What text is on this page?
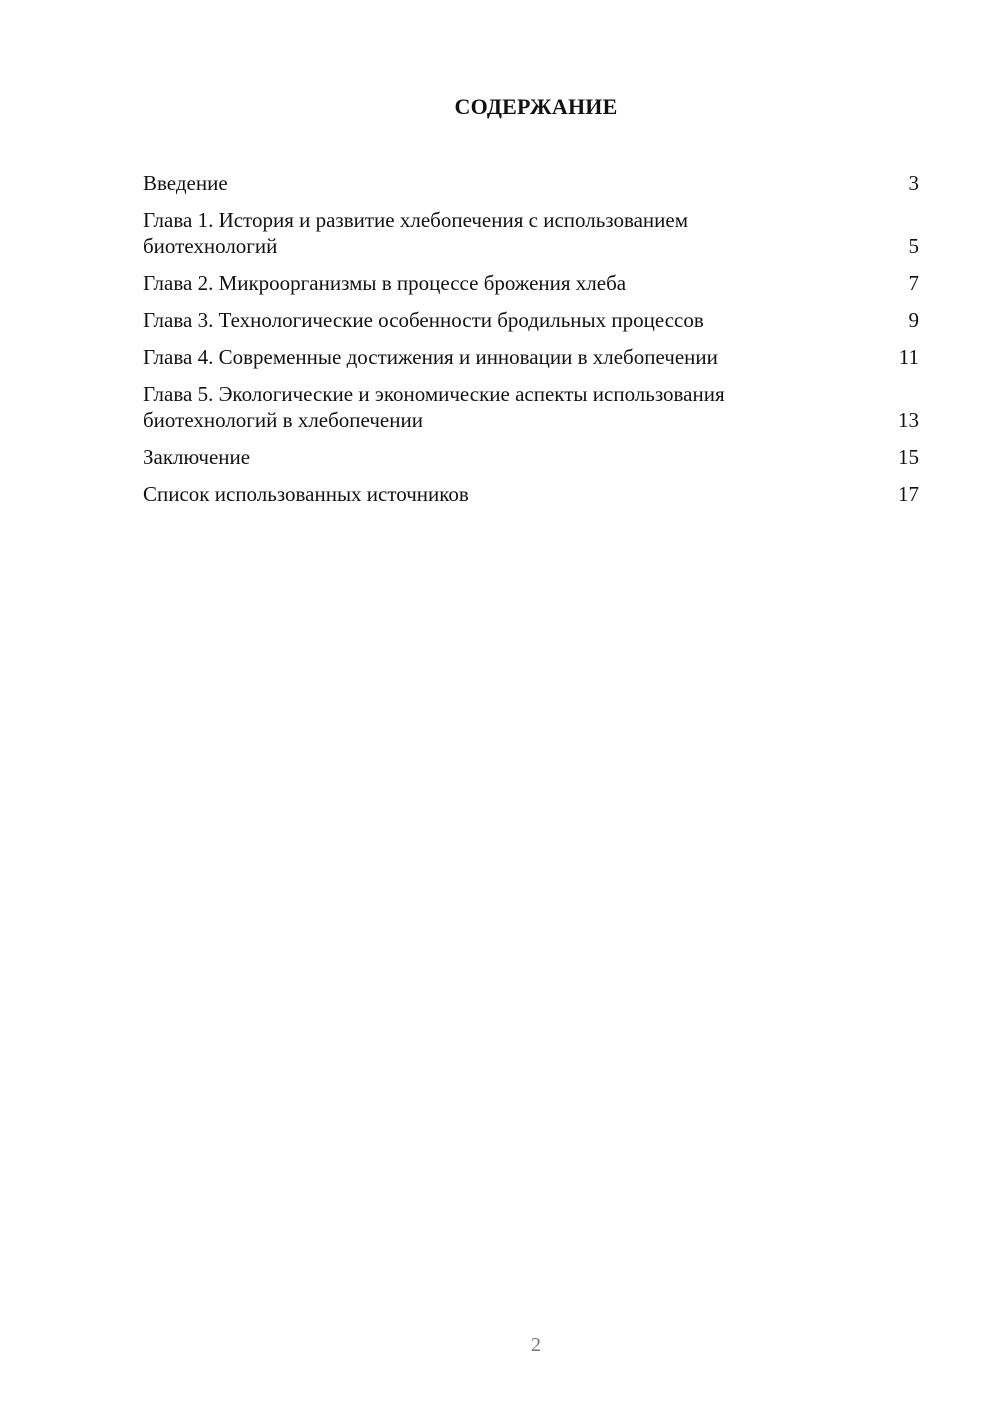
СОДЕРЖАНИЕ
Введение	3
Глава 1. История и развитие хлебопечения с использованием биотехнологий	5
Глава 2. Микроорганизмы в процессе брожения хлеба	7
Глава 3. Технологические особенности бродильных процессов	9
Глава 4. Современные достижения и инновации в хлебопечении	11
Глава 5. Экологические и экономические аспекты использования биотехнологий в хлебопечении	13
Заключение	15
Список использованных источников	17
2
